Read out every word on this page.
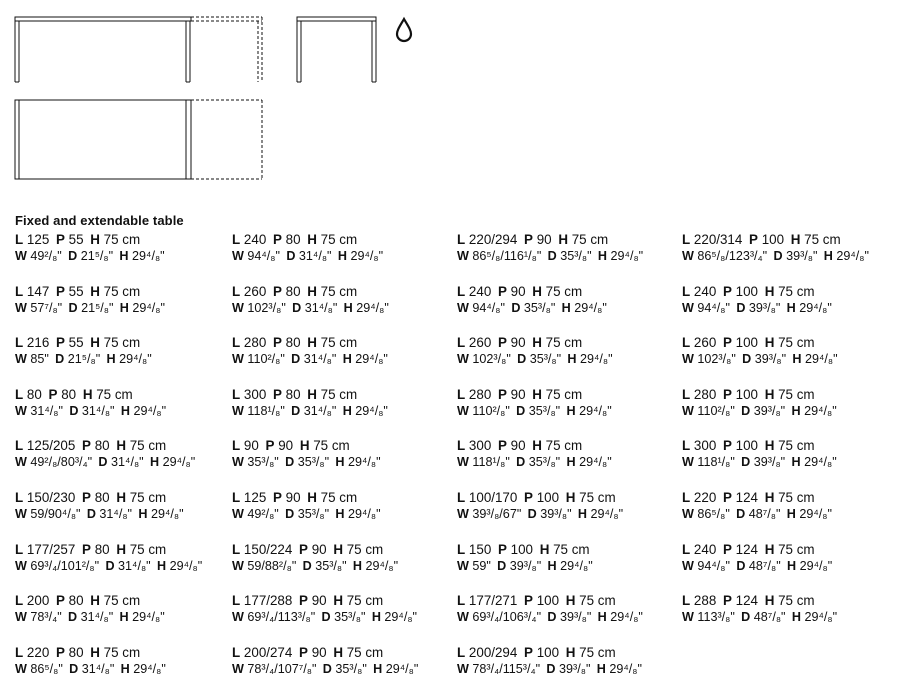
Fixed and extendable table
L 125  P 55  H 75 cm
W 49²/₈"  D 21⁵/₈"  H 29⁴/₈"
L 147  P 55  H 75 cm
W 57⁷/₈"  D 21⁵/₈"  H 29⁴/₈"
L 216  P 55  H 75 cm
W 85"  D 21⁵/₈"  H 29⁴/₈"
L 80  P 80  H 75 cm
W 31⁴/₈"  D 31⁴/₈"  H 29⁴/₈"
L 125/205  P 80  H 75 cm
W 49²/₈/80³/₄"  D 31⁴/₈"  H 29⁴/₈"
L 150/230  P 80  H 75 cm
W 59/90⁴/₈"  D 31⁴/₈"  H 29⁴/₈"
L 177/257  P 80  H 75 cm
W 69³/₄/101²/₈"  D 31⁴/₈"  H 29⁴/₈"
L 200  P 80  H 75 cm
W 78³/₄"  D 31⁴/₈"  H 29⁴/₈"
L 220  P 80  H 75 cm
W 86⁵/₈"  D 31⁴/₈"  H 29⁴/₈"
L 240  P 80  H 75 cm
W 94⁴/₈"  D 31⁴/₈"  H 29⁴/₈"
L 260  P 80  H 75 cm
W 102³/₈"  D 31⁴/₈"  H 29⁴/₈"
L 280  P 80  H 75 cm
W 110²/₈"  D 31⁴/₈"  H 29⁴/₈"
L 300  P 80  H 75 cm
W 118¹/₈"  D 31⁴/₈"  H 29⁴/₈"
L 90  P 90  H 75 cm
W 35³/₈"  D 35³/₈"  H 29⁴/₈"
L 125  P 90  H 75 cm
W 49²/₈"  D 35³/₈"  H 29⁴/₈"
L 150/224  P 90  H 75 cm
W 59/88²/₈"  D 35³/₈"  H 29⁴/₈"
L 177/288  P 90  H 75 cm
W 69³/₄/113³/₈"  D 35³/₈"  H 29⁴/₈"
L 200/274  P 90  H 75 cm
W 78³/₄/107⁷/₈"  D 35³/₈"  H 29⁴/₈"
L 220/294  P 90  H 75 cm
W 86⁵/₈/116¹/₈"  D 35³/₈"  H 29⁴/₈"
L 240  P 90  H 75 cm
W 94⁴/₈"  D 35³/₈"  H 29⁴/₈"
L 260  P 90  H 75 cm
W 102³/₈"  D 35³/₈"  H 29⁴/₈"
L 280  P 90  H 75 cm
W 110²/₈"  D 35³/₈"  H 29⁴/₈"
L 300  P 90  H 75 cm
W 118¹/₈"  D 35³/₈"  H 29⁴/₈"
L 100/170  P 100  H 75 cm
W 39³/₈/67"  D 39³/₈"  H 29⁴/₈"
L 150  P 100  H 75 cm
W 59"  D 39³/₈"  H 29⁴/₈"
L 177/271  P 100  H 75 cm
W 69³/₄/106³/₄"  D 39³/₈"  H 29⁴/₈"
L 200/294  P 100  H 75 cm
W 78³/₄/115³/₄"  D 39³/₈"  H 29⁴/₈"
L 220/314  P 100  H 75 cm
W 86⁵/₈/123³/₄"  D 39³/₈"  H 29⁴/₈"
L 240  P 100  H 75 cm
W 94⁴/₈"  D 39³/₈"  H 29⁴/₈"
L 260  P 100  H 75 cm
W 102³/₈"  D 39³/₈"  H 29⁴/₈"
L 280  P 100  H 75 cm
W 110²/₈"  D 39³/₈"  H 29⁴/₈"
L 300  P 100  H 75 cm
W 118¹/₈"  D 39³/₈"  H 29⁴/₈"
L 220  P 124  H 75 cm
W 86⁵/₈"  D 48⁷/₈"  H 29⁴/₈"
L 240  P 124  H 75 cm
W 94⁴/₈"  D 48⁷/₈"  H 29⁴/₈"
L 288  P 124  H 75 cm
W 113³/₈"  D 48⁷/₈"  H 29⁴/₈"
